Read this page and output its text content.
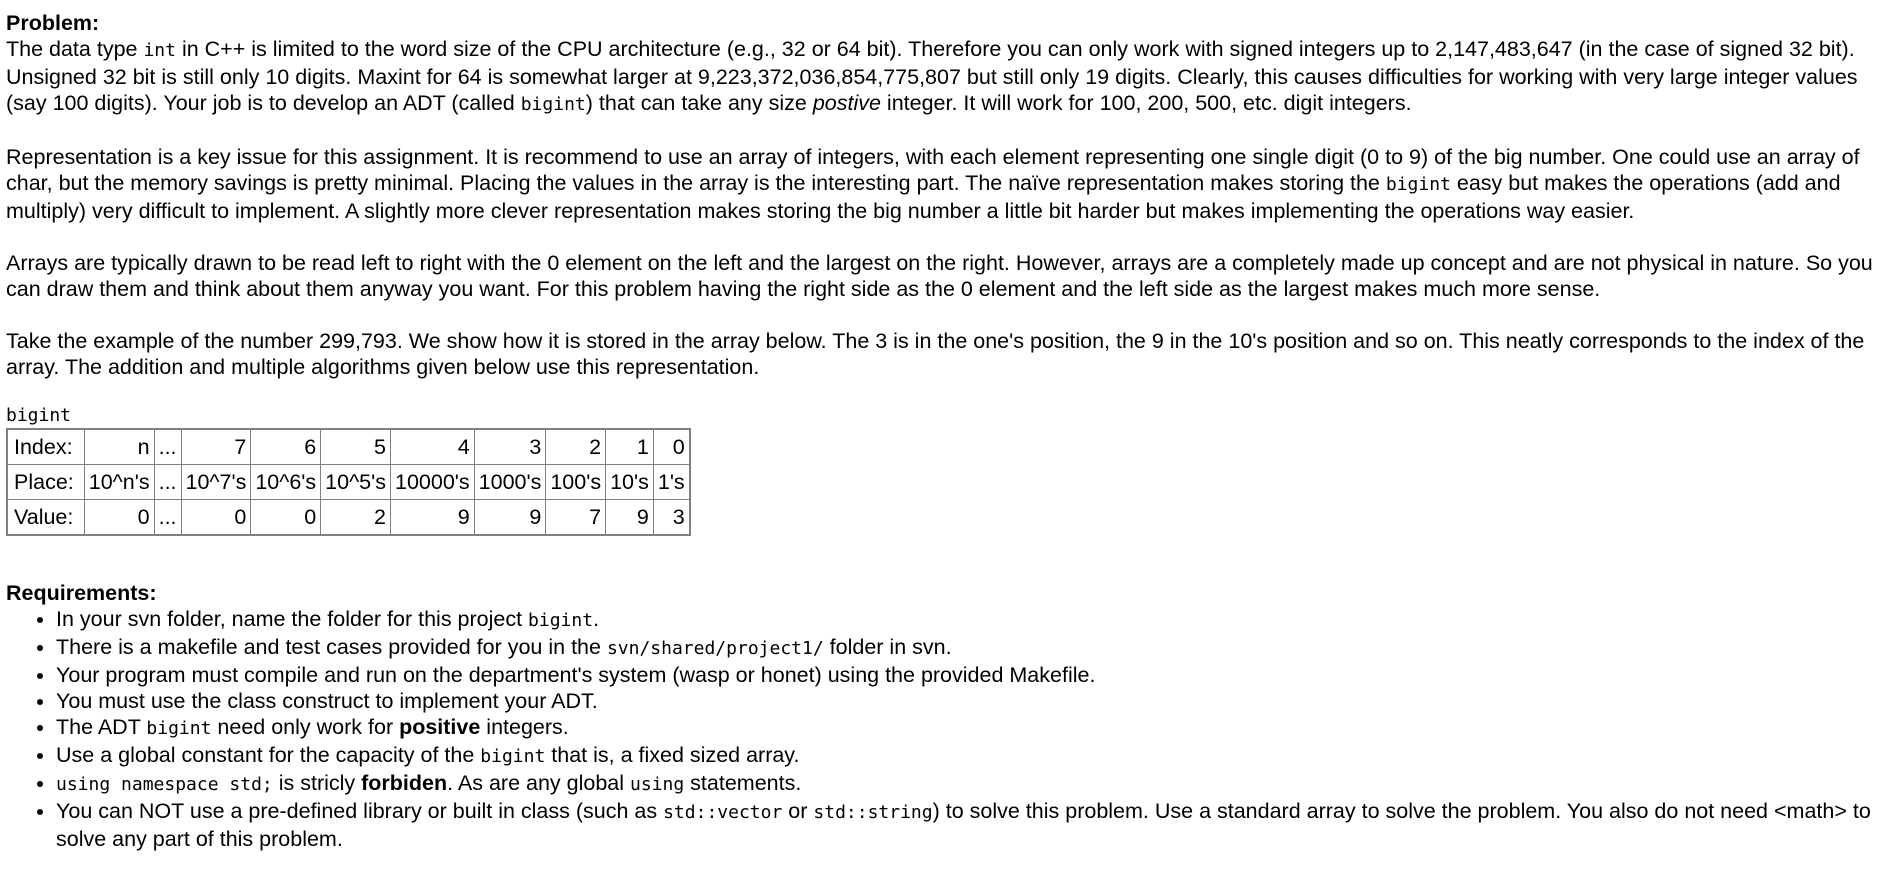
Problem:
The data type int in C++ is limited to the word size of the CPU architecture (e.g., 32 or 64 bit). Therefore you can only work with signed integers up to 2,147,483,647 (in the case of signed 32 bit). Unsigned 32 bit is still only 10 digits. Maxint for 64 is somewhat larger at 9,223,372,036,854,775,807 but still only 19 digits. Clearly, this causes difficulties for working with very large integer values (say 100 digits). Your job is to develop an ADT (called bigint) that can take any size postive integer. It will work for 100, 200, 500, etc. digit integers.

Representation is a key issue for this assignment. It is recommend to use an array of integers, with each element representing one single digit (0 to 9) of the big number. One could use an array of char, but the memory savings is pretty minimal. Placing the values in the array is the interesting part. The naïve representation makes storing the bigint easy but makes the operations (add and multiply) very difficult to implement. A slightly more clever representation makes storing the big number a little bit harder but makes implementing the operations way easier.

Arrays are typically drawn to be read left to right with the 0 element on the left and the largest on the right. However, arrays are a completely made up concept and are not physical in nature. So you can draw them and think about them anyway you want. For this problem having the right side as the 0 element and the left side as the largest makes much more sense.

Take the example of the number 299,793. We show how it is stored in the array below. The 3 is in the one's position, the 9 in the 10's position and so on. This neatly corresponds to the index of the array. The addition and multiple algorithms given below use this representation.

bigint
Index:	n	...	7	6	5	4	3	2	1	0
Place:	10^n's	...	10^7's	10^6's	10^5's	10000's	1000's	100's	10's	1's
Value:	0	...	0	0	2	9	9	7	9	3
Requirements:
• In your svn folder, name the folder for this project bigint.
• There is a makefile and test cases provided for you in the svn/shared/project1/ folder in svn.
• Your program must compile and run on the department's system (wasp or honet) using the provided Makefile.
• You must use the class construct to implement your ADT.
• The ADT bigint need only work for positive integers.
• Use a global constant for the capacity of the bigint that is, a fixed sized array.
• using namespace std; is stricly forbiden. As are any global using statements.
• You can NOT use a pre-defined library or built in class (such as std::vector or std::string) to solve this problem. Use a standard array to solve the problem. You also do not need <math> to solve any part of this problem.
